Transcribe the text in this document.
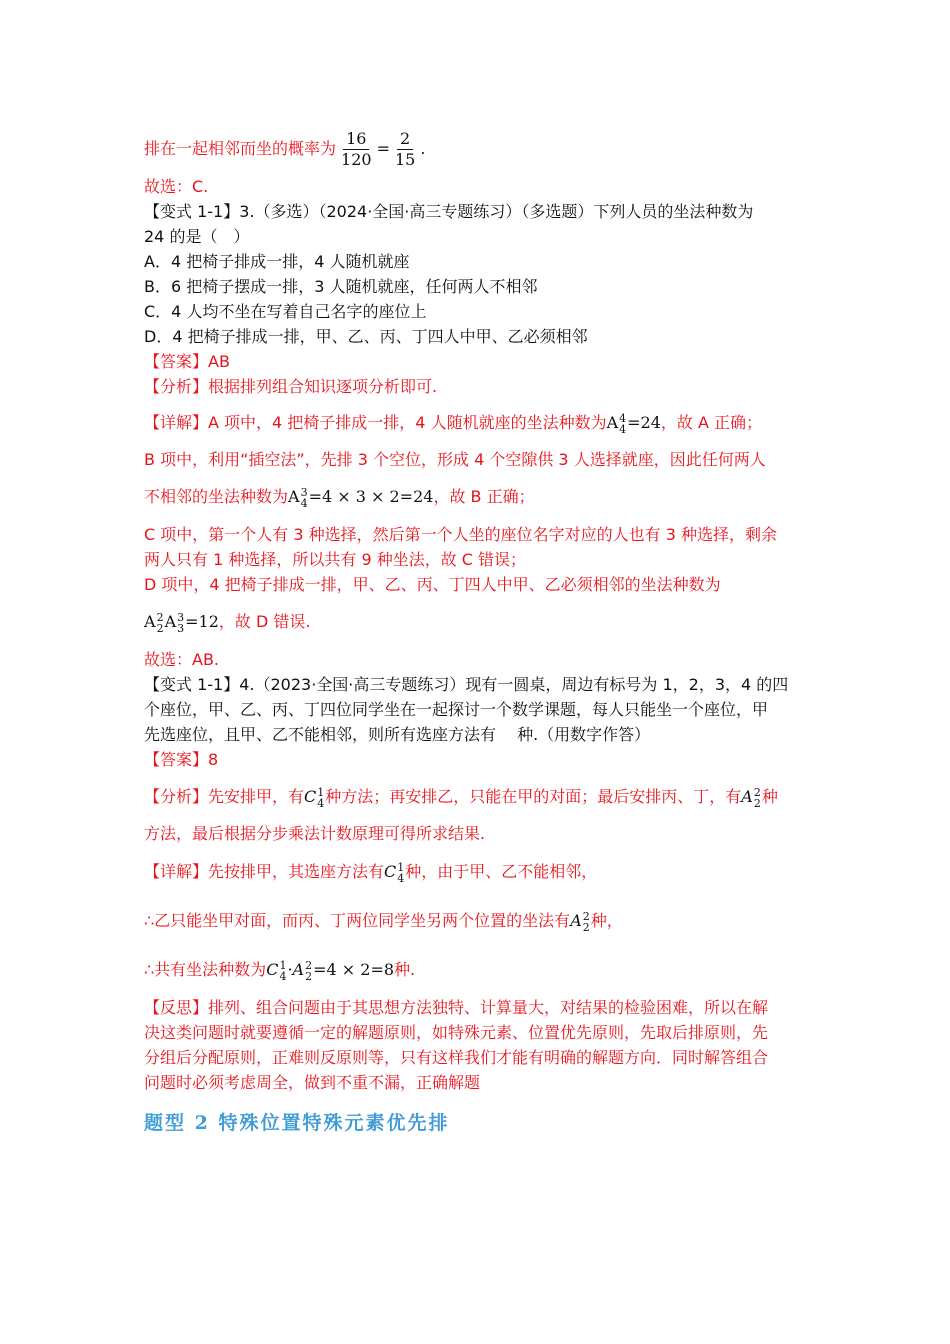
排在一起相邻而坐的概率为 $\frac{16}{120} = \frac{2}{15}$ .
故选：C.
【变式 1-1】3.（多选）（2024·全国·高三专题练习）（多选题）下列人员的坐法种数为
24 的是（　）
A．4 把椅子排成一排，4 人随机就座
B．6 把椅子摆成一排，3 人随机就座，任何两人不相邻
C．4 人均不坐在写着自己名字的座位上
D．4 把椅子排成一排，甲、乙、丙、丁四人中甲、乙必须相邻
【答案】AB
【分析】根据排列组合知识逐项分析即可.
【详解】A 项中，4 把椅子排成一排，4 人随机就座的坐法种数为A 4
4 =24，故 A 正确；
B 项中，利用“插空法”，先排 3 个空位，形成 4 个空隙供 3 人选择就座，因此任何两人
不相邻的坐法种数为A 3
4 =4 × 3 × 2=24，故 B 正确；
C 项中，第一个人有 3 种选择，然后第一个人坐的座位名字对应的人也有 3 种选择，剩余
两人只有 1 种选择，所以共有 9 种坐法，故 C 错误；
D 项中，4 把椅子排成一排，甲、乙、丙、丁四人中甲、乙必须相邻的坐法种数为
A 2
2 A 3
3 =12，故 D 错误.
故选：AB.
【变式 1-1】4.（2023·全国·高三专题练习）现有一圆桌，周边有标号为 1，2，3，4 的四
个座位，甲、乙、丙、丁四位同学坐在一起探讨一个数学课题，每人只能坐一个座位，甲
先选座位，且甲、乙不能相邻，则所有选座方法有　 种.（用数字作答）
【答案】8
【分析】先安排甲，有C 1
4 种方法；再安排乙，只能在甲的对面；最后安排丙、丁，有A 2
2 种
方法，最后根据分步乘法计数原理可得所求结果.
【详解】先按排甲，其选座方法有C 1
4 种，由于甲、乙不能相邻，
∴乙只能坐甲对面，而丙、丁两位同学坐另两个位置的坐法有A 2
2 种，
∴共有坐法种数为C 1
4 ·A 2
2 =4 × 2=8种.
【反思】排列、组合问题由于其思想方法独特、计算量大，对结果的检验困难，所以在解
决这类问题时就要遵循一定的解题原则，如特殊元素、位置优先原则，先取后排原则，先
分组后分配原则，正难则反原则等，只有这样我们才能有明确的解题方向．同时解答组合
问题时必须考虑周全，做到不重不漏，正确解题
题型 2 特殊位置特殊元素优先排
